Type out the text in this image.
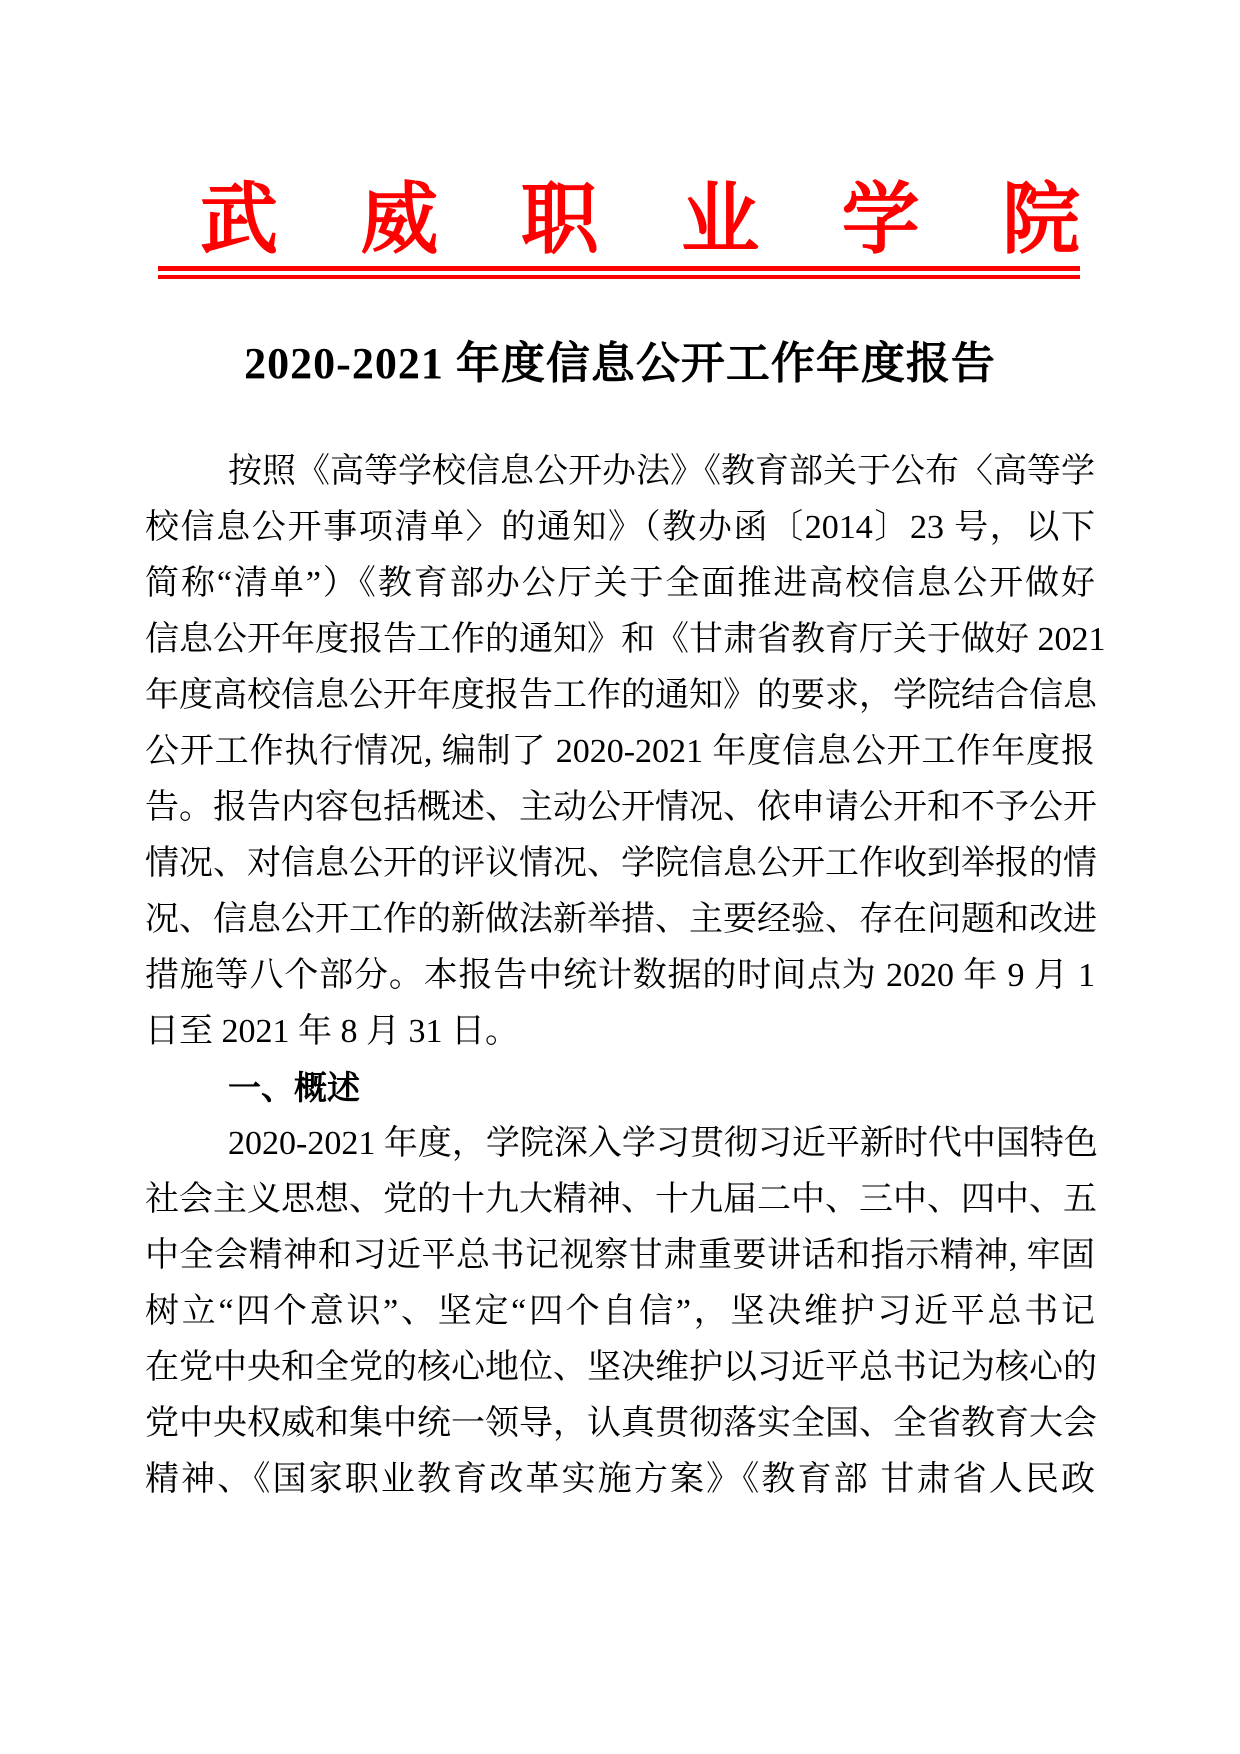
武 威 职 业 学 院
2020-2021 年度信息公开工作年度报告
按照《高等学校信息公开办法》《教育部关于公布〈高等学
校信息公开事项清单〉的通知》（教办函〔2014〕23 号，以下
简称“清单”）《教育部办公厅关于全面推进高校信息公开做好
信息公开年度报告工作的通知》和《甘肃省教育厅关于做好 2021
年度高校信息公开年度报告工作的通知》的要求，学院结合信息
公开工作执行情况, 编制了 2020-2021 年度信息公开工作年度报
告。报告内容包括概述、主动公开情况、依申请公开和不予公开
情况、对信息公开的评议情况、学院信息公开工作收到举报的情
况、信息公开工作的新做法新举措、主要经验、存在问题和改进
措施等八个部分。本报告中统计数据的时间点为 2020 年 9 月 1
日至 2021 年 8 月 31 日。
一、概述
2020-2021 年度，学院深入学习贯彻习近平新时代中国特色
社会主义思想、党的十九大精神、十九届二中、三中、四中、五
中全会精神和习近平总书记视察甘肃重要讲话和指示精神, 牢固
树立“四个意识”、坚定“四个自信”，坚决维护习近平总书记
在党中央和全党的核心地位、坚决维护以习近平总书记为核心的
党中央权威和集中统一领导，认真贯彻落实全国、全省教育大会
精神、《国家职业教育改革实施方案》《教育部 甘肃省人民政
